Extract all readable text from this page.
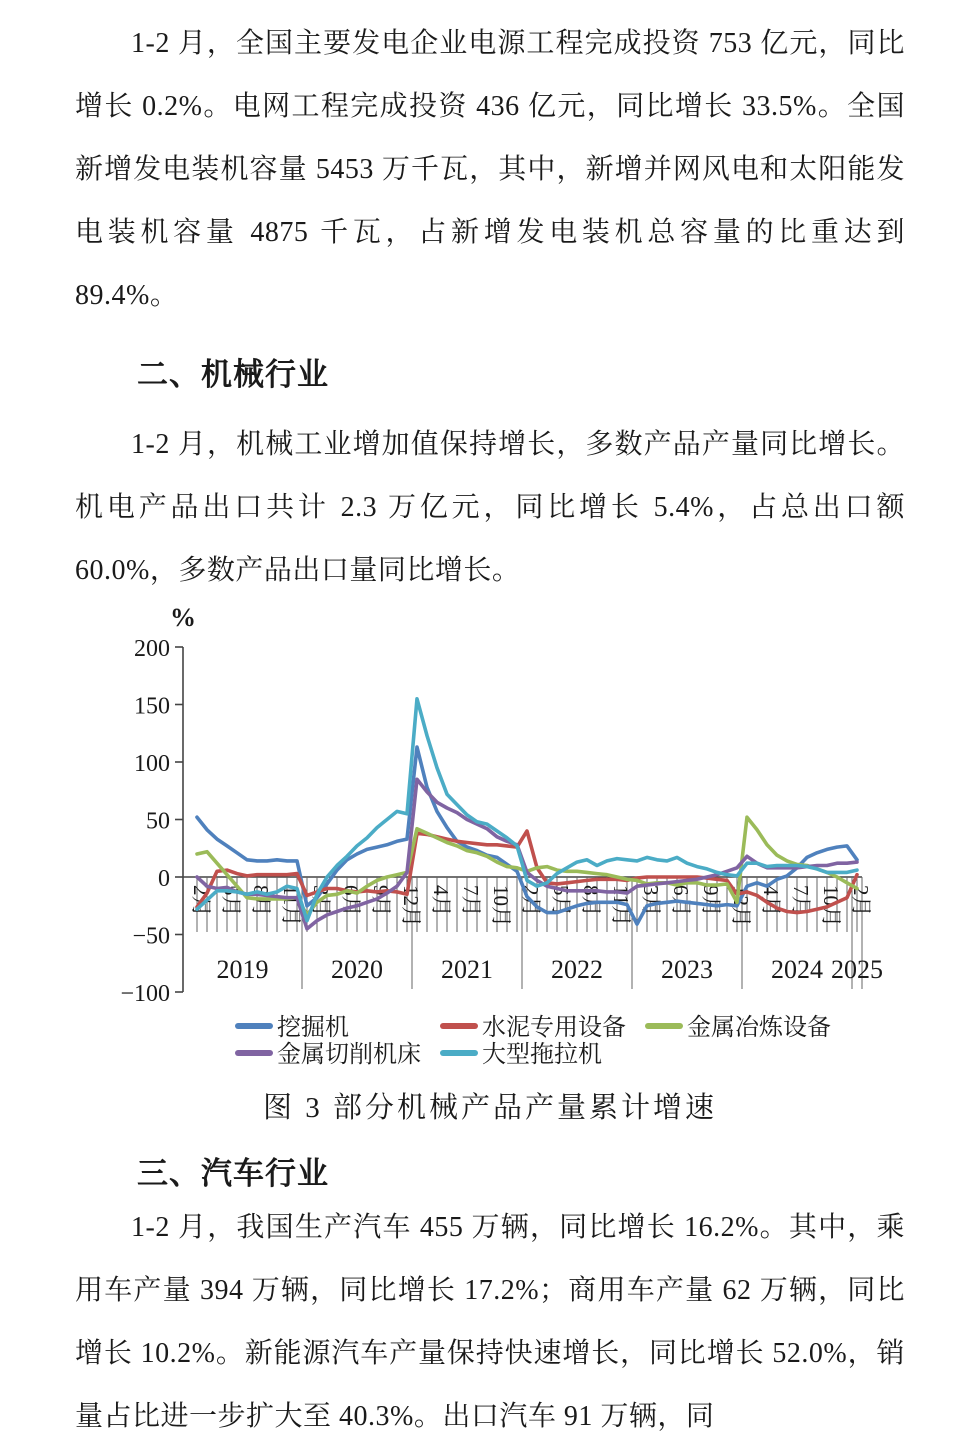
1-2 月，全国主要发电企业电源工程完成投资 753 亿元，同比增长 0.2%。电网工程完成投资 436 亿元，同比增长 33.5%。全国新增发电装机容量 5453 万千瓦，其中，新增并网风电和太阳能发电装机容量 4875 千瓦，占新增发电装机总容量的比重达到 89.4%。

二、机械行业

1-2 月，机械工业增加值保持增长，多数产品产量同比增长。机电产品出口共计 2.3 万亿元，同比增长 5.4%，占总出口额 60.0%，多数产品出口量同比增长。

%
200
150
100
50
0
−50
−100
2月 5月 8月 11月 3月 6月 9月 12月 4月 7月 10月 2月 5月 8月 11月 3月 6月 9月 12月 4月 7月 10月 2月
2019 2020 2021 2022 2023 2024 2025
挖掘机	水泥专用设备	金属冶炼设备
金属切削机床	大型拖拉机
图 3 部分机械产品产量累计增速
三、汽车行业

1-2 月，我国生产汽车 455 万辆，同比增长 16.2%。其中，乘用车产量 394 万辆，同比增长 17.2%；商用车产量 62 万辆，同比增长 10.2%。新能源汽车产量保持快速增长，同比增长 52.0%，销量占比进一步扩大至 40.3%。出口汽车 91 万辆，同
